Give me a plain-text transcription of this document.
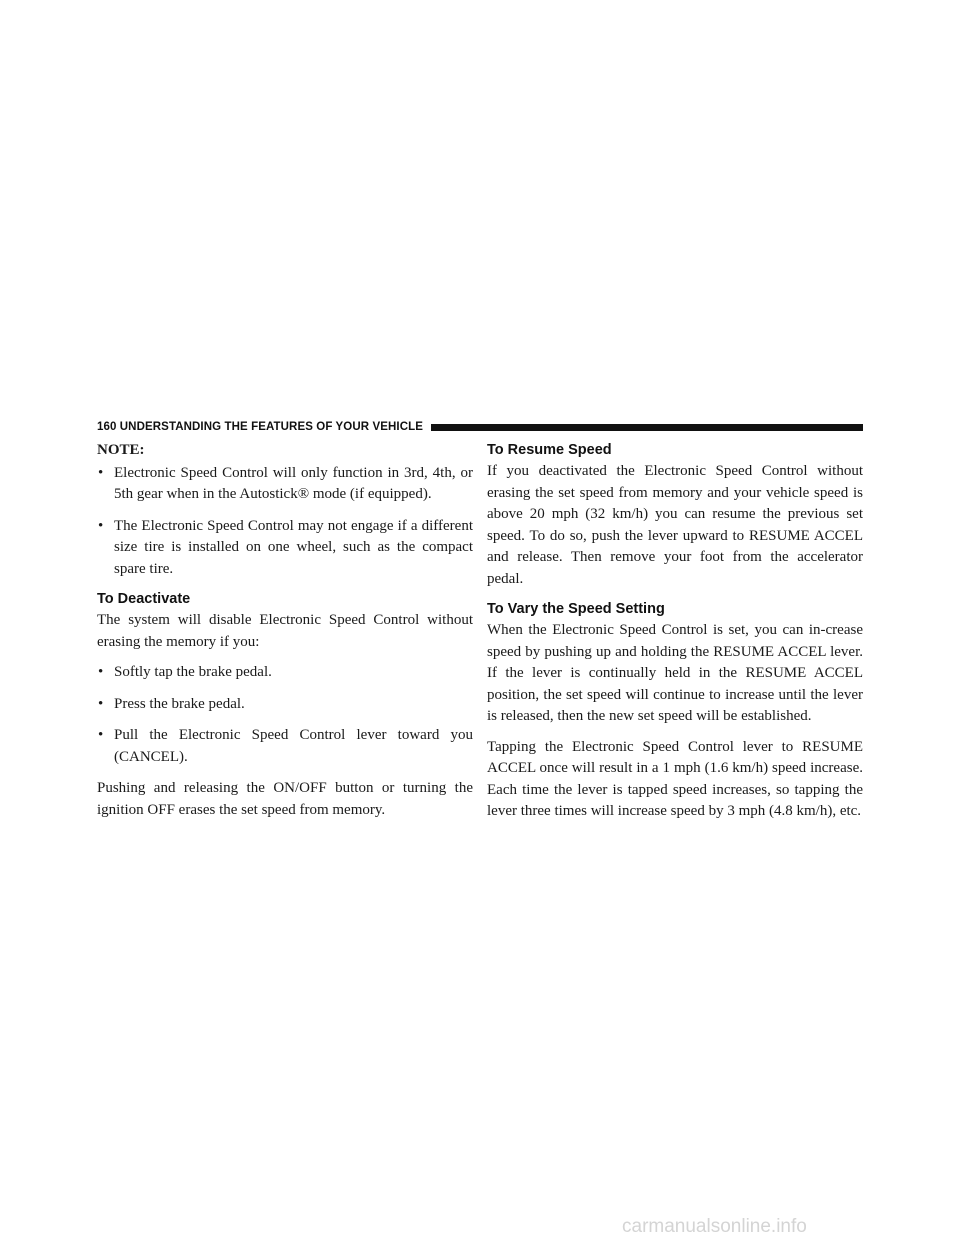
160 UNDERSTANDING THE FEATURES OF YOUR VEHICLE

NOTE:

• Electronic Speed Control will only function in 3rd, 4th, or 5th gear when in the Autostick® mode (if equipped).
• The Electronic Speed Control may not engage if a different size tire is installed on one wheel, such as the compact spare tire.
To Deactivate

The system will disable Electronic Speed Control without erasing the memory if you:

• Softly tap the brake pedal.
• Press the brake pedal.
• Pull the Electronic Speed Control lever toward you (CANCEL).

Pushing and releasing the ON/OFF button or turning the ignition OFF erases the set speed from memory.

To Resume Speed

If you deactivated the Electronic Speed Control without erasing the set speed from memory and your vehicle speed is above 20 mph (32 km/h) you can resume the previous set speed. To do so, push the lever upward to RESUME ACCEL and release. Then remove your foot from the accelerator pedal.

To Vary the Speed Setting

When the Electronic Speed Control is set, you can in-crease speed by pushing up and holding the RESUME ACCEL lever. If the lever is continually held in the RESUME ACCEL position, the set speed will continue to increase until the lever is released, then the new set speed will be established.

Tapping the Electronic Speed Control lever to RESUME ACCEL once will result in a 1 mph (1.6 km/h) speed increase. Each time the lever is tapped speed increases, so tapping the lever three times will increase speed by 3 mph (4.8 km/h), etc.

carmanualsonline.info
